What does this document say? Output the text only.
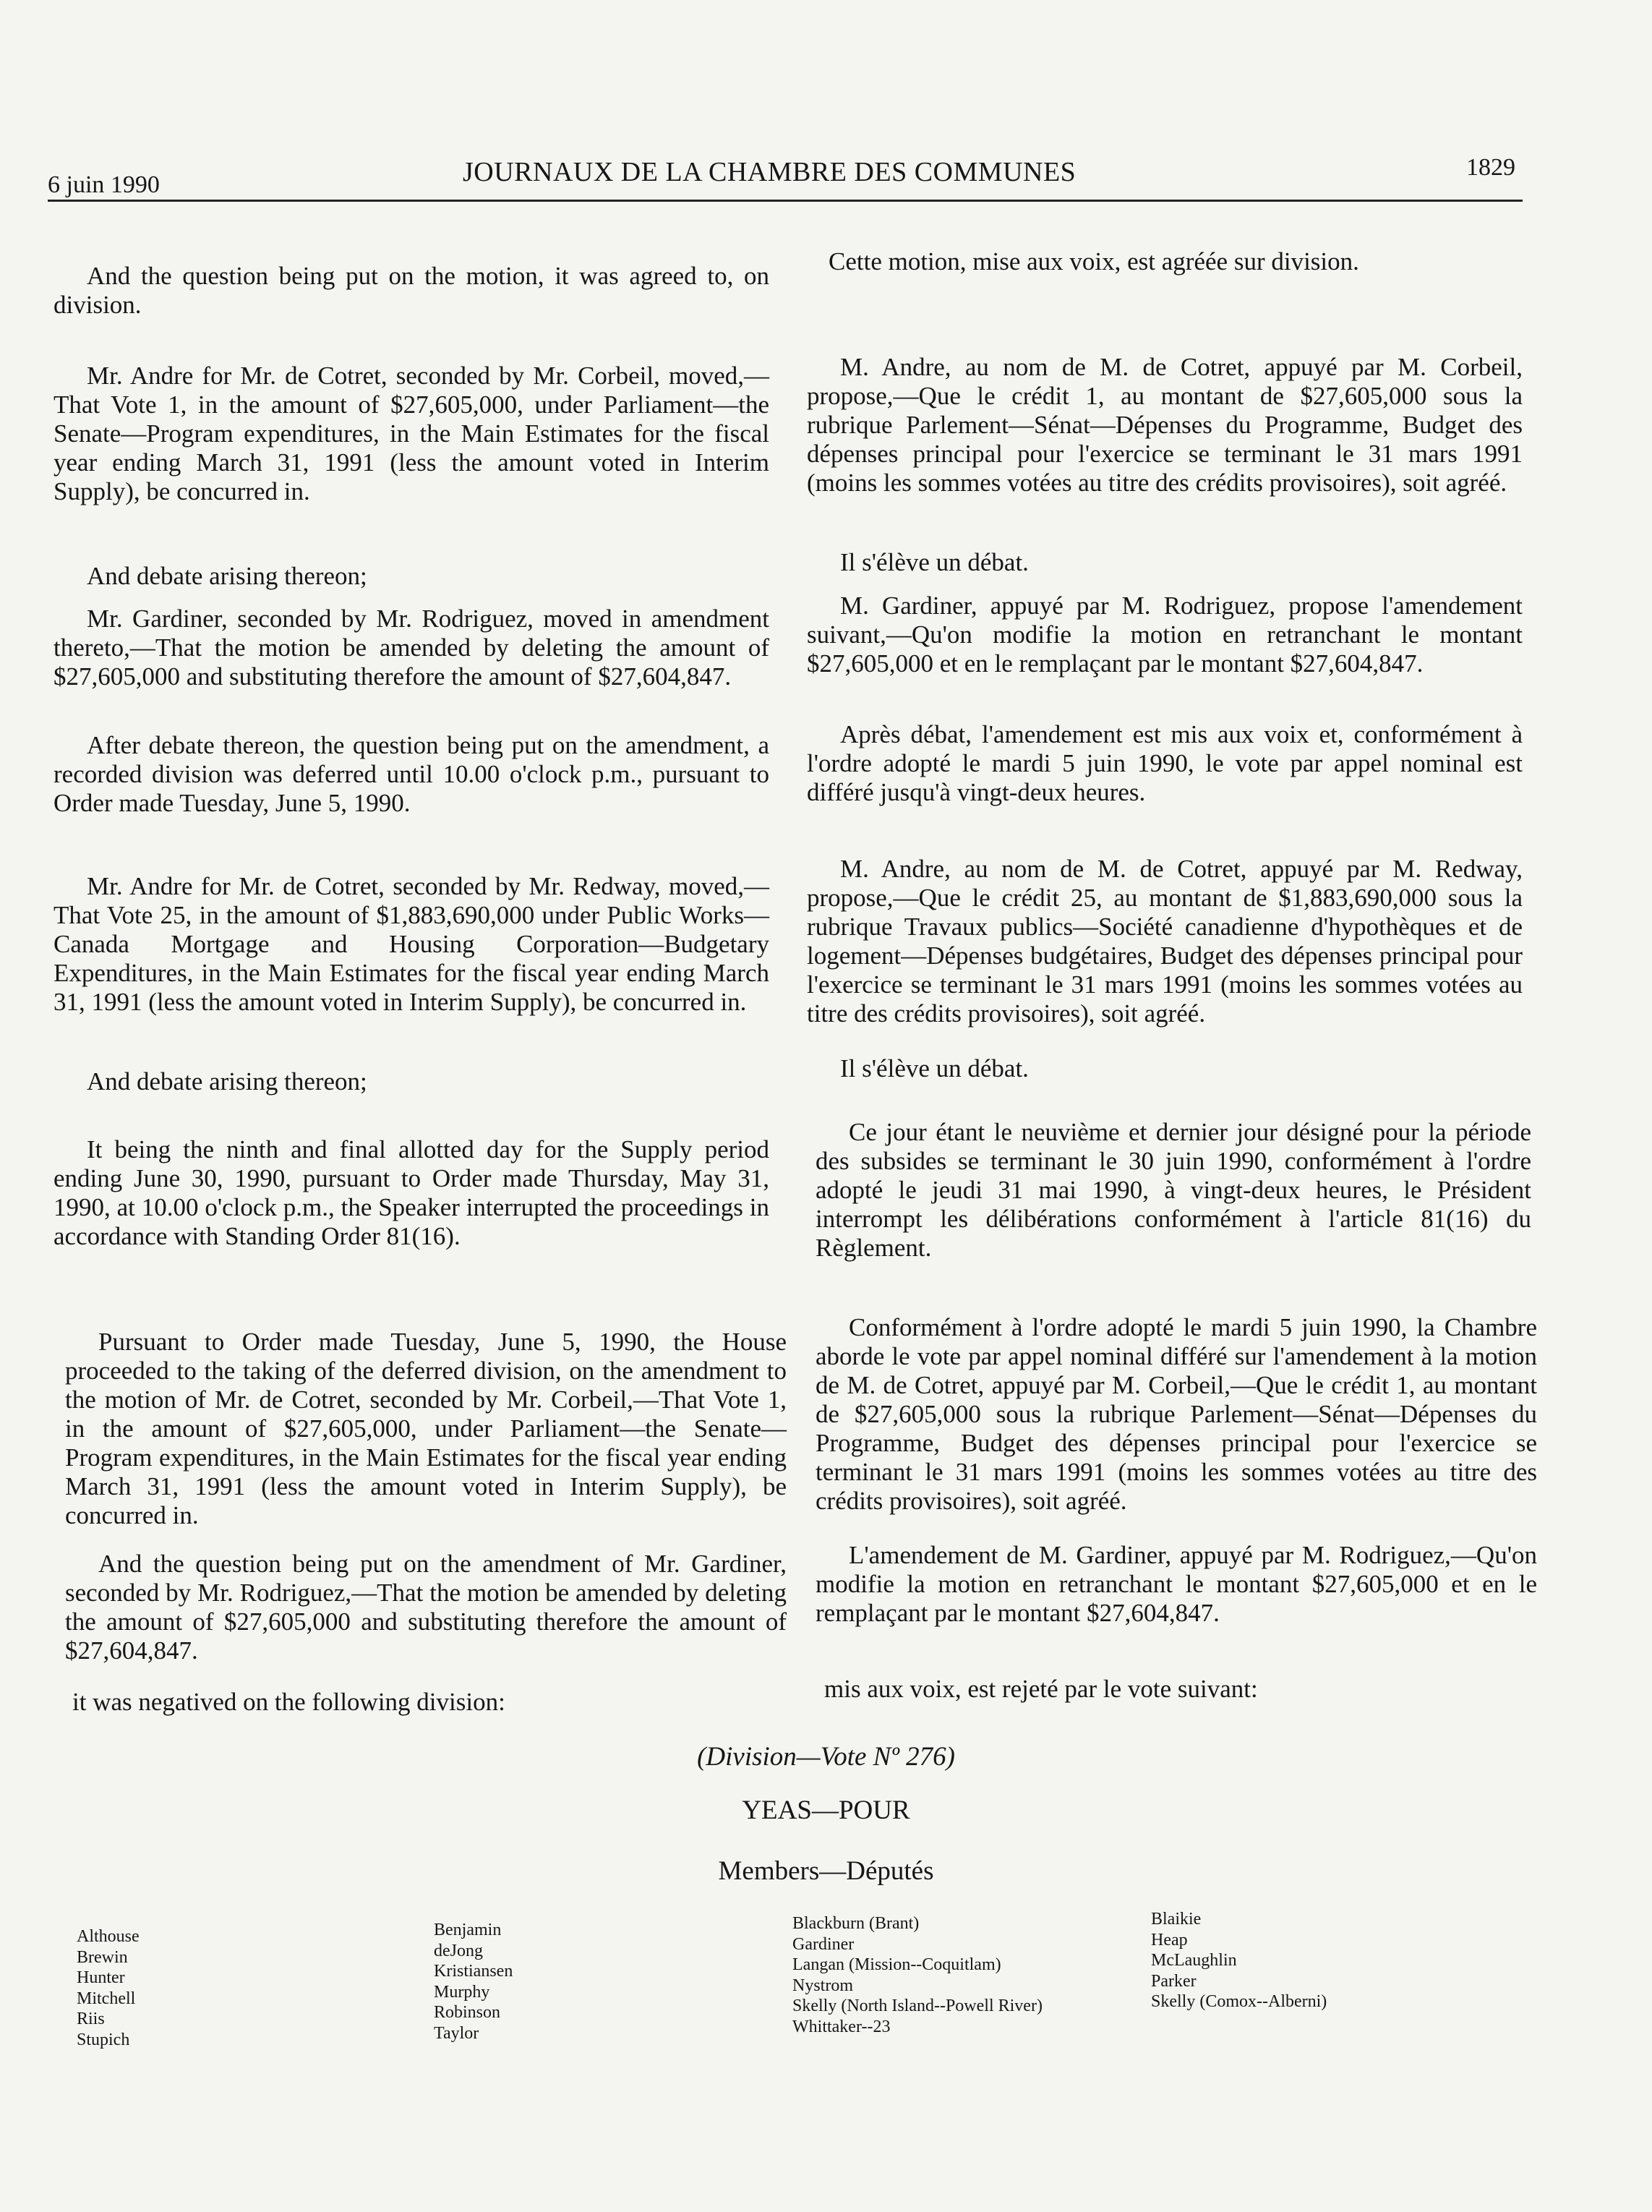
6 juin 1990	JOURNAUX DE LA CHAMBRE DES COMMUNES	1829
And the question being put on the motion, it was agreed to, on division.
Mr. Andre for Mr. de Cotret, seconded by Mr. Corbeil, moved,—That Vote 1, in the amount of $27,605,000, under Parliament—the Senate—Program expenditures, in the Main Estimates for the fiscal year ending March 31, 1991 (less the amount voted in Interim Supply), be concurred in.
And debate arising thereon;
Mr. Gardiner, seconded by Mr. Rodriguez, moved in amendment thereto,—That the motion be amended by deleting the amount of $27,605,000 and substituting therefore the amount of $27,604,847.
After debate thereon, the question being put on the amendment, a recorded division was deferred until 10.00 o'clock p.m., pursuant to Order made Tuesday, June 5, 1990.
Mr. Andre for Mr. de Cotret, seconded by Mr. Redway, moved,—That Vote 25, in the amount of $1,883,690,000 under Public Works—Canada Mortgage and Housing Corporation—Budgetary Expenditures, in the Main Estimates for the fiscal year ending March 31, 1991 (less the amount voted in Interim Supply), be concurred in.
And debate arising thereon;
It being the ninth and final allotted day for the Supply period ending June 30, 1990, pursuant to Order made Thursday, May 31, 1990, at 10.00 o'clock p.m., the Speaker interrupted the proceedings in accordance with Standing Order 81(16).
Pursuant to Order made Tuesday, June 5, 1990, the House proceeded to the taking of the deferred division, on the amendment to the motion of Mr. de Cotret, seconded by Mr. Corbeil,—That Vote 1, in the amount of $27,605,000, under Parliament—the Senate—Program expenditures, in the Main Estimates for the fiscal year ending March 31, 1991 (less the amount voted in Interim Supply), be concurred in.
And the question being put on the amendment of Mr. Gardiner, seconded by Mr. Rodriguez,—That the motion be amended by deleting the amount of $27,605,000 and substituting therefore the amount of $27,604,847.
it was negatived on the following division:
Cette motion, mise aux voix, est agréée sur division.
M. Andre, au nom de M. de Cotret, appuyé par M. Corbeil, propose,—Que le crédit 1, au montant de $27,605,000 sous la rubrique Parlement—Sénat—Dépenses du Programme, Budget des dépenses principal pour l'exercice se terminant le 31 mars 1991 (moins les sommes votées au titre des crédits provisoires), soit agréé.
Il s'élève un débat.
M. Gardiner, appuyé par M. Rodriguez, propose l'amendement suivant,—Qu'on modifie la motion en retranchant le montant $27,605,000 et en le remplaçant par le montant $27,604,847.
Après débat, l'amendement est mis aux voix et, conformément à l'ordre adopté le mardi 5 juin 1990, le vote par appel nominal est différé jusqu'à vingt-deux heures.
M. Andre, au nom de M. de Cotret, appuyé par M. Redway, propose,—Que le crédit 25, au montant de $1,883,690,000 sous la rubrique Travaux publics—Société canadienne d'hypothèques et de logement—Dépenses budgétaires, Budget des dépenses principal pour l'exercice se terminant le 31 mars 1991 (moins les sommes votées au titre des crédits provisoires), soit agréé.
Il s'élève un débat.
Ce jour étant le neuvième et dernier jour désigné pour la période des subsides se terminant le 30 juin 1990, conformément à l'ordre adopté le jeudi 31 mai 1990, à vingt-deux heures, le Président interrompt les délibérations conformément à l'article 81(16) du Règlement.
Conformément à l'ordre adopté le mardi 5 juin 1990, la Chambre aborde le vote par appel nominal différé sur l'amendement à la motion de M. de Cotret, appuyé par M. Corbeil,—Que le crédit 1, au montant de $27,605,000 sous la rubrique Parlement—Sénat—Dépenses du Programme, Budget des dépenses principal pour l'exercice se terminant le 31 mars 1991 (moins les sommes votées au titre des crédits provisoires), soit agréé.
L'amendement de M. Gardiner, appuyé par M. Rodriguez,—Qu'on modifie la motion en retranchant le montant $27,605,000 et en le remplaçant par le montant $27,604,847.
mis aux voix, est rejeté par le vote suivant:
(Division—Vote Nº 276)
YEAS—POUR
Members—Députés
Althouse
Brewin
Hunter
Mitchell
Riis
Stupich
Benjamin
deJong
Kristiansen
Murphy
Robinson
Taylor
Blackburn (Brant)
Gardiner
Langan (Mission--Coquitlam)
Nystrom
Skelly (North Island--Powell River)
Whittaker--23
Blaikie
Heap
McLaughlin
Parker
Skelly (Comox--Alberni)
